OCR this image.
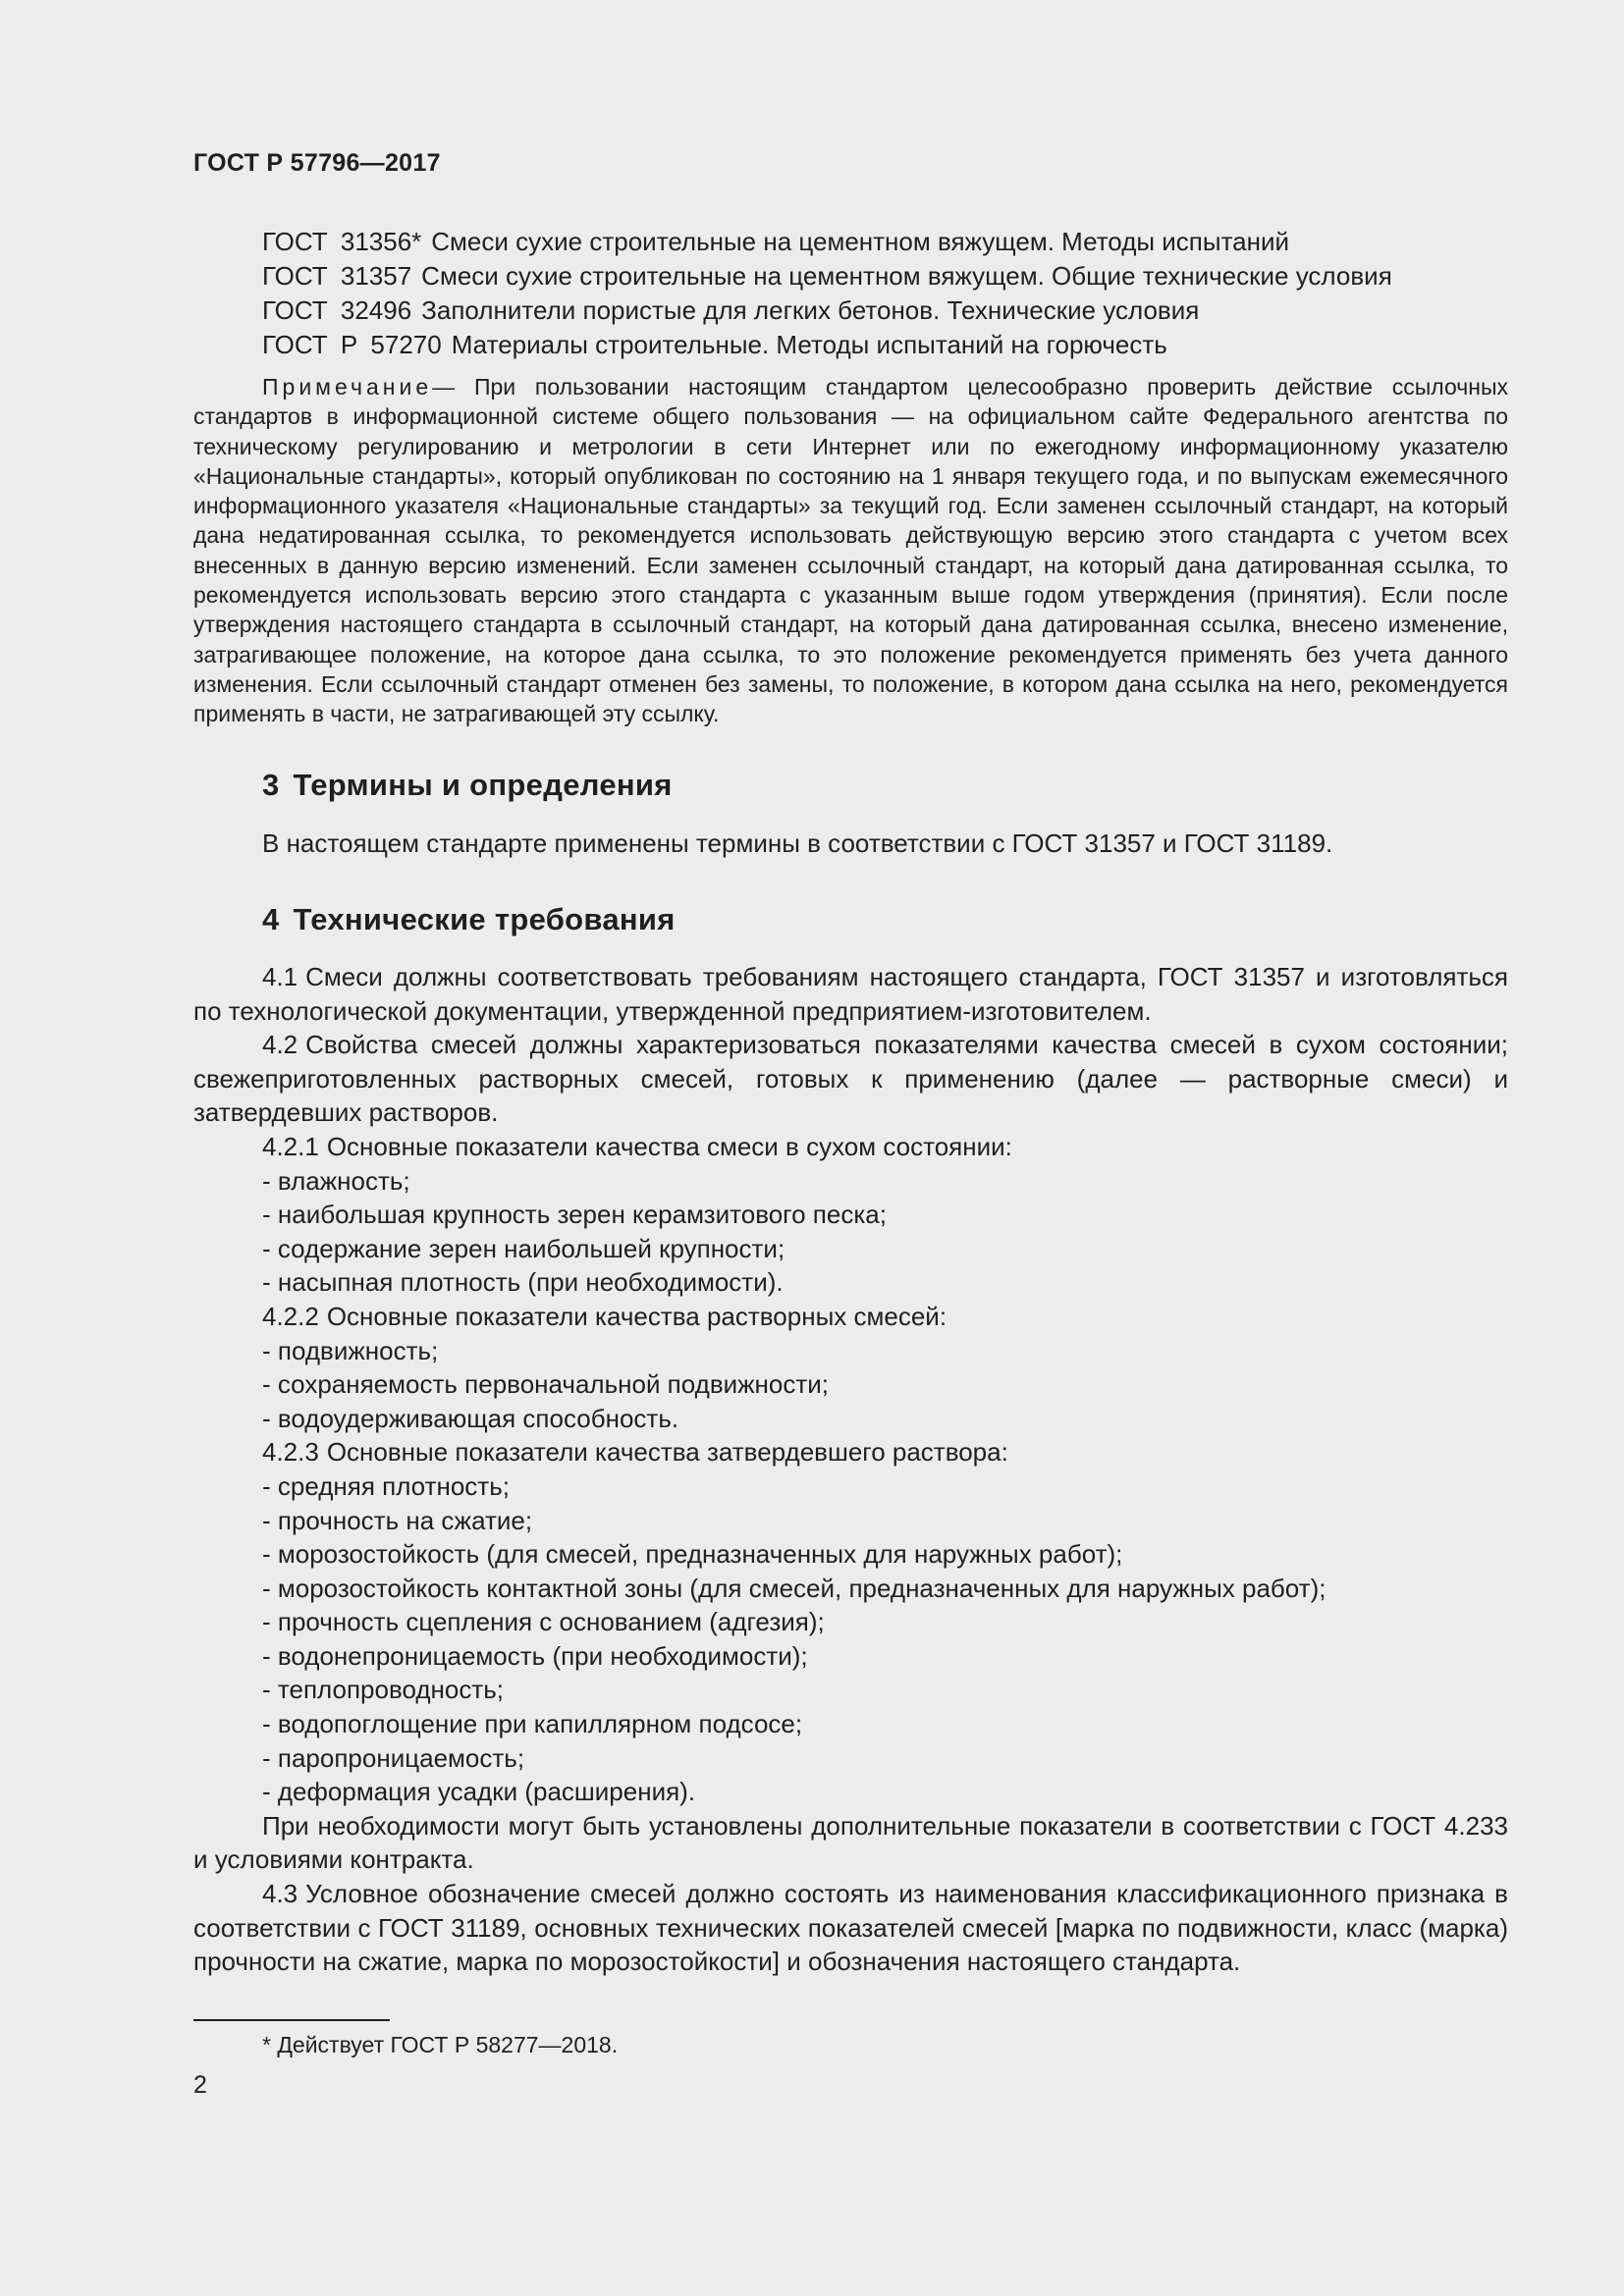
ГОСТ Р 57796—2017
ГОСТ 31356* Смеси сухие строительные на цементном вяжущем. Методы испытаний
ГОСТ 31357 Смеси сухие строительные на цементном вяжущем. Общие технические условия
ГОСТ 32496 Заполнители пористые для легких бетонов. Технические условия
ГОСТ Р 57270 Материалы строительные. Методы испытаний на горючесть
Примечание— При пользовании настоящим стандартом целесообразно проверить действие ссылочных стандартов в информационной системе общего пользования — на официальном сайте Федерального агентства по техническому регулированию и метрологии в сети Интернет или по ежегодному информационному указателю «Национальные стандарты», который опубликован по состоянию на 1 января текущего года, и по выпускам ежемесячного информационного указателя «Национальные стандарты» за текущий год. Если заменен ссылочный стандарт, на который дана недатированная ссылка, то рекомендуется использовать действующую версию этого стандарта с учетом всех внесенных в данную версию изменений. Если заменен ссылочный стандарт, на который дана датированная ссылка, то рекомендуется использовать версию этого стандарта с указанным выше годом утверждения (принятия). Если после утверждения настоящего стандарта в ссылочный стандарт, на который дана датированная ссылка, внесено изменение, затрагивающее положение, на которое дана ссылка, то это положение рекомендуется применять без учета данного изменения. Если ссылочный стандарт отменен без замены, то положение, в котором дана ссылка на него, рекомендуется применять в части, не затрагивающей эту ссылку.
3 Термины и определения

В настоящем стандарте применены термины в соответствии с ГОСТ 31357 и ГОСТ 31189.

4 Технические требования

4.1 Смеси должны соответствовать требованиям настоящего стандарта, ГОСТ 31357 и изготовляться по технологической документации, утвержденной предприятием-изготовителем.

4.2 Свойства смесей должны характеризоваться показателями качества смесей в сухом состоянии; свежеприготовленных растворных смесей, готовых к применению (далее — растворные смеси) и затвердевших растворов.

4.2.1 Основные показатели качества смеси в сухом состоянии:

- влажность;

- наибольшая крупность зерен керамзитового песка;

- содержание зерен наибольшей крупности;

- насыпная плотность (при необходимости).

4.2.2 Основные показатели качества растворных смесей:

- подвижность;

- сохраняемость первоначальной подвижности;

- водоудерживающая способность.

4.2.3 Основные показатели качества затвердевшего раствора:

- средняя плотность;

- прочность на сжатие;

- морозостойкость (для смесей, предназначенных для наружных работ);

- морозостойкость контактной зоны (для смесей, предназначенных для наружных работ);

- прочность сцепления с основанием (адгезия);

- водонепроницаемость (при необходимости);

- теплопроводность;

- водопоглощение при капиллярном подсосе;

- паропроницаемость;

- деформация усадки (расширения).

При необходимости могут быть установлены дополнительные показатели в соответствии с ГОСТ 4.233 и условиями контракта.

4.3 Условное обозначение смесей должно состоять из наименования классификационного признака в соответствии с ГОСТ 31189, основных технических показателей смесей [марка по подвижности, класс (марка) прочности на сжатие, марка по морозостойкости] и обозначения настоящего стандарта.

* Действует ГОСТ Р 58277—2018.
2
